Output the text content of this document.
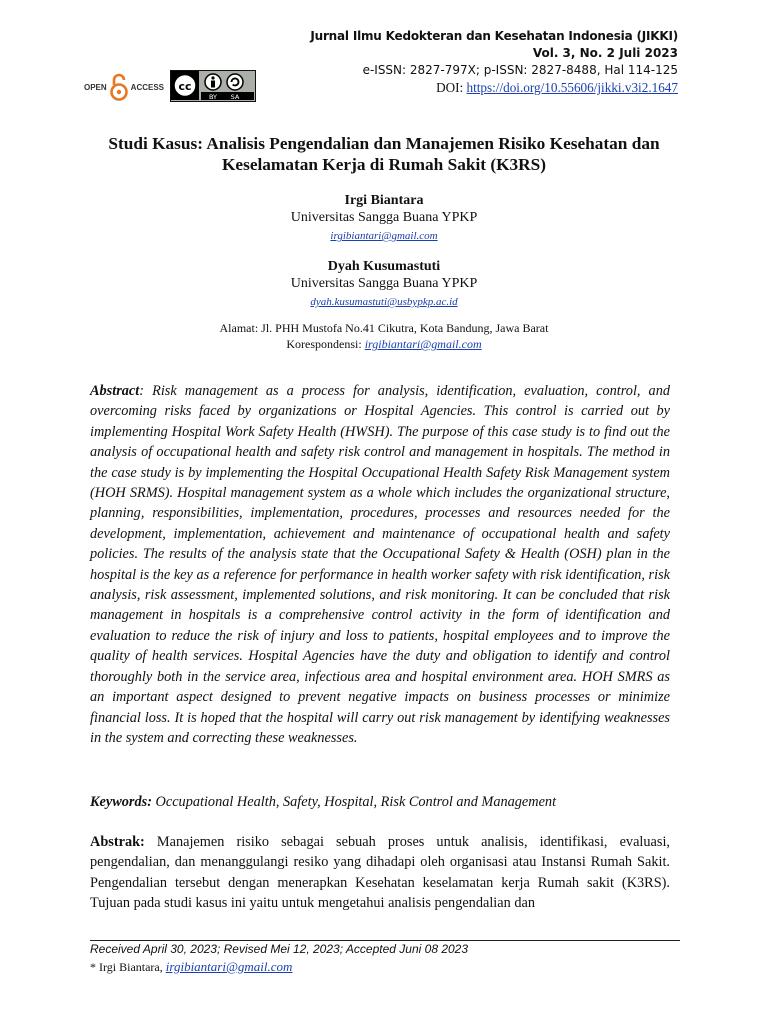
OPEN	ACCESS cc
BY SA
Jurnal Ilmu Kedokteran dan Kesehatan Indonesia (JIKKI)
Vol. 3, No. 2 Juli 2023
e-ISSN: 2827-797X; p-ISSN: 2827-8488, Hal 114-125
DOI: https://doi.org/10.55606/jikki.v3i2.1647
Studi Kasus: Analisis Pengendalian dan Manajemen Risiko Kesehatan dan
Keselamatan Kerja di Rumah Sakit (K3RS)
Irgi Biantara
Universitas Sangga Buana YPKP
irgibiantari@gmail.com
Dyah Kusumastuti
Universitas Sangga Buana YPKP
dyah.kusumastuti@usbypkp.ac.id
Alamat: Jl. PHH Mustofa No.41 Cikutra, Kota Bandung, Jawa Barat
Korespondensi: irgibiantari@gmail.com
Abstract: Risk management as a process for analysis, identification, evaluation, control, and overcoming risks faced by organizations or Hospital Agencies. This control is carried out by implementing Hospital Work Safety Health (HWSH). The purpose of this case study is to find out the analysis of occupational health and safety risk control and management in hospitals. The method in the case study is by implementing the Hospital Occupational Health Safety Risk Management system (HOH SRMS). Hospital management system as a whole which includes the organizational structure, planning, responsibilities, implementation, procedures, processes and resources needed for the development, implementation, achievement and maintenance of occupational health and safety policies. The results of the analysis state that the Occupational Safety & Health (OSH) plan in the hospital is the key as a reference for performance in health worker safety with risk identification, risk analysis, risk assessment, implemented solutions, and risk monitoring. It can be concluded that risk management in hospitals is a comprehensive control activity in the form of identification and evaluation to reduce the risk of injury and loss to patients, hospital employees and to improve the quality of health services. Hospital Agencies have the duty and obligation to identify and control thoroughly both in the service area, infectious area and hospital environment area. HOH SMRS as an important aspect designed to prevent negative impacts on business processes or minimize financial loss. It is hoped that the hospital will carry out risk management by identifying weaknesses in the system and correcting these weaknesses.
Keywords: Occupational Health, Safety, Hospital, Risk Control and Management
Abstrak: Manajemen risiko sebagai sebuah proses untuk analisis, identifikasi, evaluasi, pengendalian, dan menanggulangi resiko yang dihadapi oleh organisasi atau Instansi Rumah Sakit. Pengendalian tersebut dengan menerapkan Kesehatan keselamatan kerja Rumah sakit (K3RS). Tujuan pada studi kasus ini yaitu untuk mengetahui analisis pengendalian dan
Received April 30, 2023; Revised Mei 12, 2023; Accepted Juni 08 2023
* Irgi Biantara, irgibiantari@gmail.com
